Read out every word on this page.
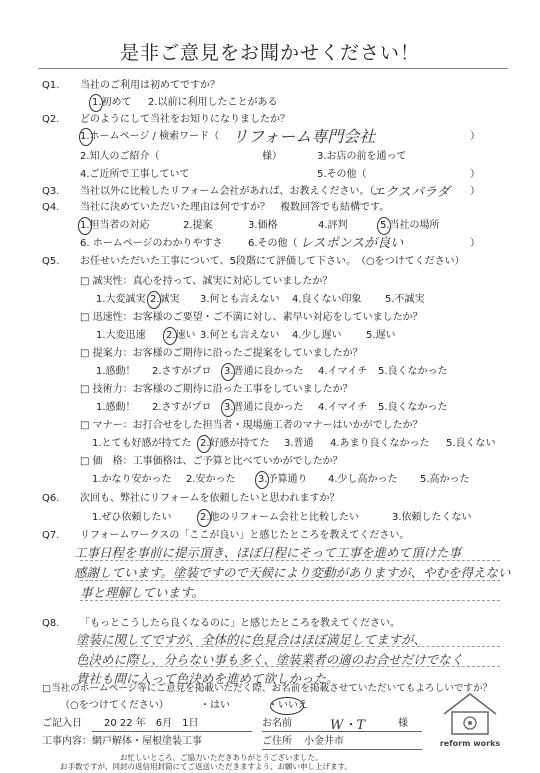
是非ご意見をお聞かせください！
Q1. 当社のご利用は初めてですか？
1.初めて 2.以前に利用したことがある
Q2. どのようにして当社をお知りになりましたか？
1.ホームページ / 検索ワード（ リフォーム専門会社	）
2.知人のご紹介（	様）	3.お店の前を通って
4.ご近所で工事していて	5.その他（	）
Q3. 当社以外に比較したリフォーム会社があれば、お教えください。（
エクスパラダ ）
Q4. 当社に決めていただいた理由は何ですか？　複数回答でも結構です。
1.担当者の対応	2.提案	3.価格	4.評判	5.当社の場所
6. ホームページのわかりやすさ	6.その他（ レスポンスが良い	）
Q5. お任せいただいた工事について、5段階にて評価して下さい。　（○をつけてください）
□ 誠実性：真心を持って、誠実に対応していましたか？
1.大変誠実 2.誠実 3.何とも言えない 4.良くない印象 5.不誠実
□ 迅速性：お客様のご要望・ご不満に対し、素早い対応をしていましたか？
1.大変迅速 2.速い 3.何とも言えない 4.少し遅い 5.遅い
□ 提案力：お客様のご期待に沿ったご提案をしていましたか？
1.感動！ 2.さすがプロ 3.普通に良かった 4.イマイチ 5.良くなかった
□ 技術力：お客様のご期待に沿った工事をしていましたか？
1.感動！ 2.さすがプロ 3.普通に良かった 4.イマイチ 5.良くなかった
□ マナー：お打合せをした担当者・現場施工者のマナーはいかがでしたか？
1.とても好感が持てた 2.好感が持てた 3.普通 4.あまり良くなかった 5.良くない
□ 価　格：工事価格は、ご予算と比べていかがでしたか？
1.かなり安かった 2.安かった 3.予算通り 4.少し高かった 5.高かった
Q6. 次回も、弊社にリフォームを依頼したいと思われますか？
1.ぜひ依頼したい	2.他のリフォーム会社と比較したい	3.依頼したくない
Q7. リフォームワークスの「ここが良い」と感じたところを教えてください。
工事日程を事前に提示頂き、ほぼ日程にそって工事を進めて頂けた事
感謝しています。塗装ですので天候により変動がありますが、やむを得えない
事と理解しています。
Q8. 「もっとこうしたら良くなるのに」と感じたところを教えてください。
塗装に関してですが、全体的に色見合はほぼ満足してますが、
色決めに際し、分らない事も多く、塗装業者の適のお合せだけでなく
貴社も間に入って色決めを進めて欲しかった。
□当社のホームページ等にご意見を掲載いただく際、お名前を掲載させていただいてもよろしいですか？
（○をつけてください）	・はい	・いいえ
ご記入日 20 22 年　6月　1日	お名前	W・T	様
工事内容： 網戸解体・屋根塗装工事	ご住所 小金井市
お忙しいところ、ご協力いただきありがとうございました。
お手数ですが、同封の返信用封筒にてご返送いただきますよう、お願い申し上げます。
reform works
